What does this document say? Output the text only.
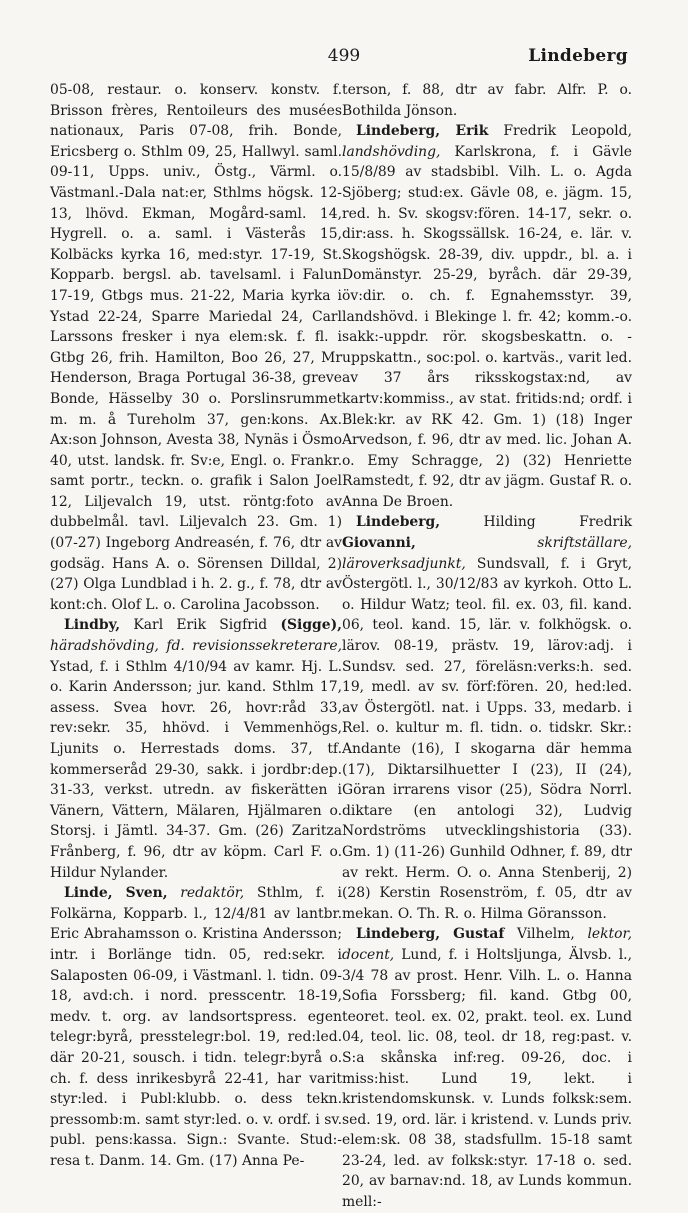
499	Lindeberg

05-08, restaur. o. konserv. konstv. f. Brisson frères, Rentoileurs des musées nationaux, Paris 07-08, frih. Bonde, Ericsberg o. Sthlm 09, 25, Hallwyl. saml. 09-11, Upps. univ., Östg., Värml. o. Västmanl.-Dala nat:er, Sthlms högsk. 12-13, lhövd. Ekman, Mogård-saml. 14, Hygrell. o. a. saml. i Västerås 15, Kolbäcks kyrka 16, med:styr. 17-19, St. Kopparb. bergsl. ab. tavelsaml. i Falun 17-19, Gtbgs mus. 21-22, Maria kyrka i Ystad 22-24, Sparre Mariedal 24, Carl Larssons fresker i nya elem:sk. f. fl. i Gtbg 26, frih. Hamilton, Boo 26, 27, Mr Henderson, Braga Portugal 36-38, greve Bonde, Hässelby 30 o. Porslinsrummet m. m. å Tureholm 37, gen:kons. Ax. Ax:son Johnson, Avesta 38, Nynäs i Ösmo 40, utst. landsk. fr. Sv:e, Engl. o. Frankr. samt portr., teckn. o. grafik i Salon Joel 12, Liljevalch 19, utst. röntg:foto av dubbelmål. tavl. Liljevalch 23. Gm. 1) (07-27) Ingeborg Andreasén, f. 76, dtr av godsäg. Hans A. o. Sörensen Dilldal, 2) (27) Olga Lundblad i h. 2. g., f. 78, dtr av kont:ch. Olof L. o. Carolina Jacobsson.

Lindby, Karl Erik Sigfrid (Sigge), häradshövding, fd. revisionssekreterare, Ystad, f. i Sthlm 4/10/94 av kamr. Hj. L. o. Karin Andersson; jur. kand. Sthlm 17, assess. Svea hovr. 26, hovr:råd 33, rev:sekr. 35, hhövd. i Vemmenhögs, Ljunits o. Herrestads doms. 37, tf. kommerseråd 29-30, sakk. i jordbr:dep. 31-33, verkst. utredn. av fiskerätten i Vänern, Vättern, Mälaren, Hjälmaren o. Storsj. i Jämtl. 34-37. Gm. (26) Zaritza Frånberg, f. 96, dtr av köpm. Carl F. o. Hildur Nylander.

Linde, Sven, redaktör, Sthlm, f. i Folkärna, Kopparb. l., 12/4/81 av lantbr. Eric Abrahamsson o. Kristina Andersson; intr. i Borlänge tidn. 05, red:sekr. i Salaposten 06-09, i Västmanl. l. tidn. 09-18, avd:ch. i nord. presscentr. 18-19, medv. t. org. av landsortspress. egen telegr:byrå, presstelegr:bol. 19, red:led. där 20-21, sousch. i tidn. telegr:byrå o. ch. f. dess inrikesbyrå 22-41, har varit styr:led. i Publ:klubb. o. dess tekn. pressomb:m. samt styr:led. o. v. ordf. i sv. publ. pens:kassa. Sign.: Svante. Stud:-resa t. Danm. 14. Gm. (17) Anna Pe-

terson, f. 88, dtr av fabr. Alfr. P. o. Bothilda Jönson.

Lindeberg, Erik Fredrik Leopold, landshövding, Karlskrona, f. i Gävle 15/8/89 av stadsbibl. Vilh. L. o. Agda Sjöberg; stud:ex. Gävle 08, e. jägm. 15, red. h. Sv. skogsv:fören. 14-17, sekr. o. dir:ass. h. Skogssällsk. 16-24, e. lär. v. Skogshögsk. 28-39, div. uppdr., bl. a. i Domänstyr. 25-29, byråch. där 29-39, öv:dir. o. ch. f. Egnahemsstyr. 39, landshövd. i Blekinge l. fr. 42; komm.-o. sakk:-uppdr. rör. skogsbeskattn. o. -uppskattn., soc:pol. o. kartväs., varit led. av 37 års riksskogstax:nd, av kartv:kommiss., av stat. fritids:nd; ordf. i Blek:kr. av RK 42. Gm. 1) (18) Inger Arvedson, f. 96, dtr av med. lic. Johan A. o. Emy Schragge, 2) (32) Henriette Ramstedt, f. 92, dtr av jägm. Gustaf R. o. Anna De Broen.

Lindeberg,	Hilding Fredrik Giovanni,	skriftställare, läroverksadjunkt, Sundsvall, f. i Gryt, Östergötl. l., 30/12/83 av kyrkoh. Otto L. o. Hildur Watz; teol. fil. ex. 03, fil. kand. 06, teol. kand. 15, lär. v. folkhögsk. o. lärov. 08-19, prästv. 19, lärov:adj. i Sundsv. sed. 27, föreläsn:verks:h. sed. 19, medl. av sv. förf:fören. 20, hed:led. av Östergötl. nat. i Upps. 33, medarb. i Rel. o. kultur m. fl. tidn. o. tidskr. Skr.: Andante (16), I skogarna där hemma (17), Diktarsilhuetter I (23), II (24), Göran irrarens visor (25), Södra Norrl. diktare (en antologi 32), Ludvig Nordströms utvecklingshistoria (33). Gm. 1) (11-26) Gunhild Odhner, f. 89, dtr av rekt. Herm. O. o. Anna Stenberij, 2) (28) Kerstin Rosenström, f. 05, dtr av mekan. O. Th. R. o. Hilma Göransson.

Lindeberg, Gustaf Vilhelm, lektor, docent, Lund, f. i Holtsljunga, Älvsb. l., 3/4 78 av prost. Henr. Vilh. L. o. Hanna Sofia Forssberg; fil. kand. Gtbg 00, teoret. teol. ex. 02, prakt. teol. ex. Lund 04, teol. lic. 08, teol. dr 18, reg:past. v. S:a skånska inf:reg. 09-26, doc. i miss:hist. Lund 19, lekt. i kristendomskunsk. v. Lunds folksk:sem. sed. 19, ord. lär. i kristend. v. Lunds priv. elem:sk. 08 38, stadsfullm. 15-18 samt 23-24, led. av folksk:styr. 17-18 o. sed. 20, av barnav:nd. 18, av Lunds kommun. mell:-
